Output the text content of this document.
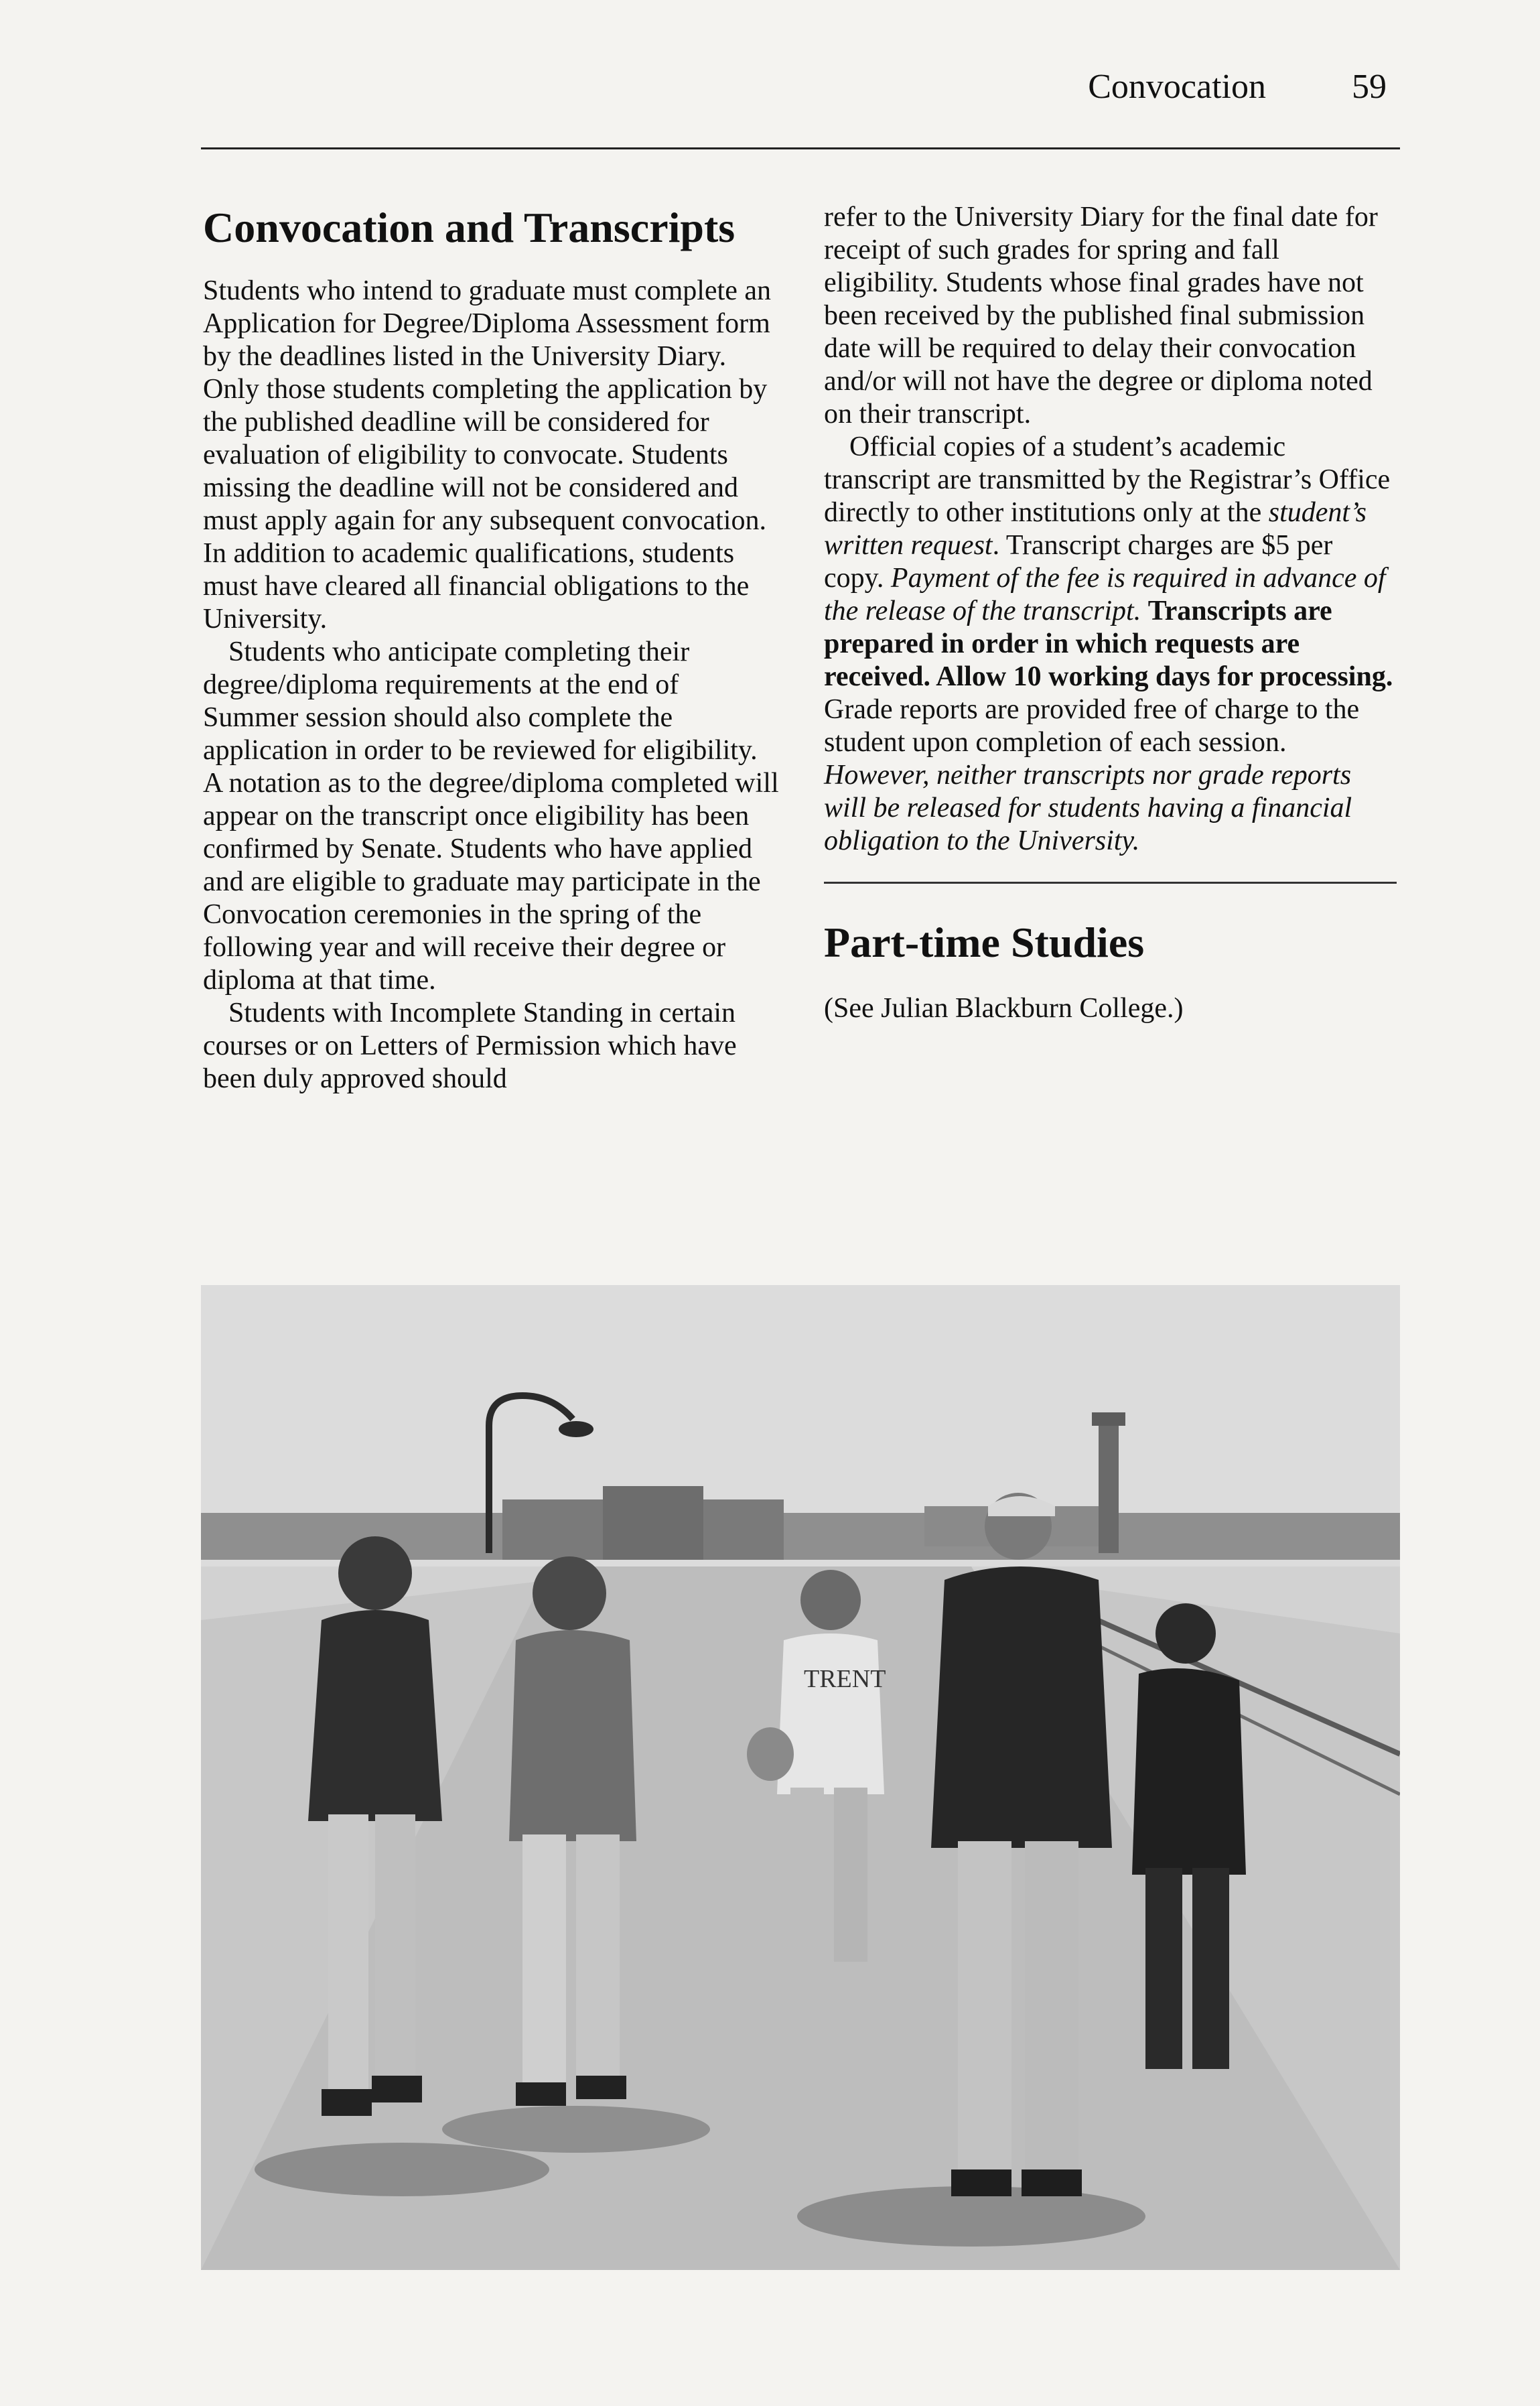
Convocation 59
Convocation and Transcripts

Students who intend to graduate must complete an Application for Degree/Diploma Assessment form by the deadlines listed in the University Diary. Only those students completing the application by the published deadline will be considered for evaluation of eligibility to convocate. Students missing the deadline will not be considered and must apply again for any subsequent convocation. In addition to academic qualifications, students must have cleared all financial obligations to the University.

Students who anticipate completing their degree/diploma requirements at the end of Summer session should also complete the application in order to be reviewed for eligibility. A notation as to the degree/diploma completed will appear on the transcript once eligibility has been confirmed by Senate. Students who have applied and are eligible to graduate may participate in the Convocation ceremonies in the spring of the following year and will receive their degree or diploma at that time.

Students with Incomplete Standing in certain courses or on Letters of Permission which have been duly approved should

refer to the University Diary for the final date for receipt of such grades for spring and fall eligibility. Students whose final grades have not been received by the published final submission date will be required to delay their convocation and/or will not have the degree or diploma noted on their transcript.

Official copies of a student’s academic transcript are transmitted by the Registrar’s Office directly to other institutions only at the student’s written request. Transcript charges are $5 per copy. Payment of the fee is required in advance of the release of the transcript. Transcripts are prepared in order in which requests are received. Allow 10 working days for processing. Grade reports are provided free of charge to the student upon completion of each session. However, neither transcripts nor grade reports will be released for students having a financial obligation to the University.

Part-time Studies

(See Julian Blackburn College.)

TRENT
